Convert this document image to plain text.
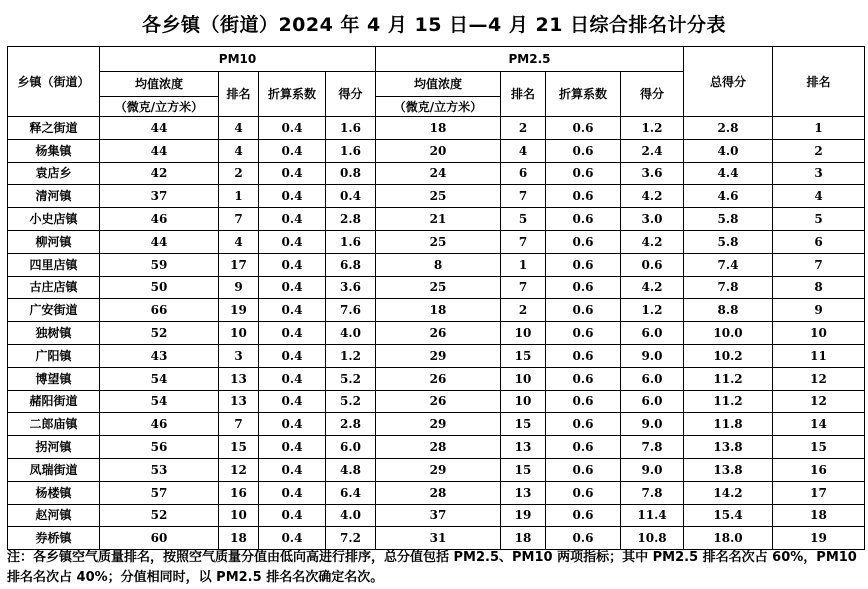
各乡镇（街道）2024 年 4 月 15 日—4 月 21 日综合排名计分表
乡镇（街道）	PM10				PM2.5				总得分	排名
	均值浓度	排名	折算系数	得分	均值浓度	排名	折算系数	得分		
	（微克/立方米）				（微克/立方米）					
释之街道	44	4	0.4	1.6	18	2	0.6	1.2	2.8	1
杨集镇	44	4	0.4	1.6	20	4	0.6	2.4	4.0	2
袁店乡	42	2	0.4	0.8	24	6	0.6	3.6	4.4	3
清河镇	37	1	0.4	0.4	25	7	0.6	4.2	4.6	4
小史店镇	46	7	0.4	2.8	21	5	0.6	3.0	5.8	5
柳河镇	44	4	0.4	1.6	25	7	0.6	4.2	5.8	6
四里店镇	59	17	0.4	6.8	8	1	0.6	0.6	7.4	7
古庄店镇	50	9	0.4	3.6	25	7	0.6	4.2	7.8	8
广安街道	66	19	0.4	7.6	18	2	0.6	1.2	8.8	9
独树镇	52	10	0.4	4.0	26	10	0.6	6.0	10.0	10
广阳镇	43	3	0.4	1.2	29	15	0.6	9.0	10.2	11
博望镇	54	13	0.4	5.2	26	10	0.6	6.0	11.2	12
赭阳街道	54	13	0.4	5.2	26	10	0.6	6.0	11.2	12
二郎庙镇	46	7	0.4	2.8	29	15	0.6	9.0	11.8	14
拐河镇	56	15	0.4	6.0	28	13	0.6	7.8	13.8	15
凤瑞街道	53	12	0.4	4.8	29	15	0.6	9.0	13.8	16
杨楼镇	57	16	0.4	6.4	28	13	0.6	7.8	14.2	17
赵河镇	52	10	0.4	4.0	37	19	0.6	11.4	15.4	18
券桥镇	60	18	0.4	7.2	31	18	0.6	10.8	18.0	19
注：各乡镇空气质量排名，按照空气质量分值由低向高进行排序，总分值包括 PM2.5、PM10 两项指标；其中 PM2.5 排名名次占 60%，PM10 排名名次占 40%；分值相同时，以 PM2.5 排名名次确定名次。
